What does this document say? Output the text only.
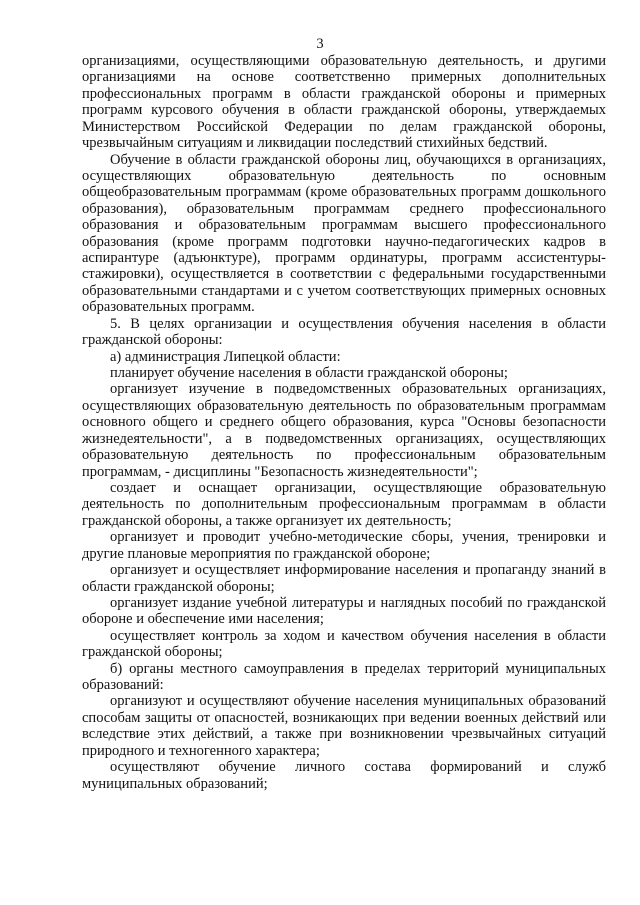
3

организациями, осуществляющими образовательную деятельность, и другими организациями на основе соответственно примерных дополнительных профессиональных программ в области гражданской обороны и примерных программ курсового обучения в области гражданской обороны, утверждаемых Министерством Российской Федерации по делам гражданской обороны, чрезвычайным ситуациям и ликвидации последствий стихийных бедствий.

Обучение в области гражданской обороны лиц, обучающихся в организациях, осуществляющих образовательную деятельность по основным общеобразовательным программам (кроме образовательных программ дошкольного образования), образовательным программам среднего профессионального образования и образовательным программам высшего профессионального образования (кроме программ подготовки научно-педагогических кадров в аспирантуре (адъюнктуре), программ ординатуры, программ ассистентуры-стажировки), осуществляется в соответствии с федеральными государственными образовательными стандартами и с учетом соответствующих примерных основных образовательных программ.

5. В целях организации и осуществления обучения населения в области гражданской обороны:

а) администрация Липецкой области:

планирует обучение населения в области гражданской обороны;

организует изучение в подведомственных образовательных организациях, осуществляющих образовательную деятельность по образовательным программам основного общего и среднего общего образования, курса "Основы безопасности жизнедеятельности", а в подведомственных организациях, осуществляющих образовательную деятельность по профессиональным образовательным программам, - дисциплины "Безопасность жизнедеятельности";

создает и оснащает организации, осуществляющие образовательную деятельность по дополнительным профессиональным программам в области гражданской обороны, а также организует их деятельность;

организует и проводит учебно-методические сборы, учения, тренировки и другие плановые мероприятия по гражданской обороне;

организует и осуществляет информирование населения и пропаганду знаний в области гражданской обороны;

организует издание учебной литературы и наглядных пособий по гражданской обороне и обеспечение ими населения;

осуществляет контроль за ходом и качеством обучения населения в области гражданской обороны;

б) органы местного самоуправления в пределах территорий муниципальных образований:

организуют и осуществляют обучение населения муниципальных образований способам защиты от опасностей, возникающих при ведении военных действий или вследствие этих действий, а также при возникновении чрезвычайных ситуаций природного и техногенного характера;

осуществляют обучение личного состава формирований и служб муниципальных образований;
